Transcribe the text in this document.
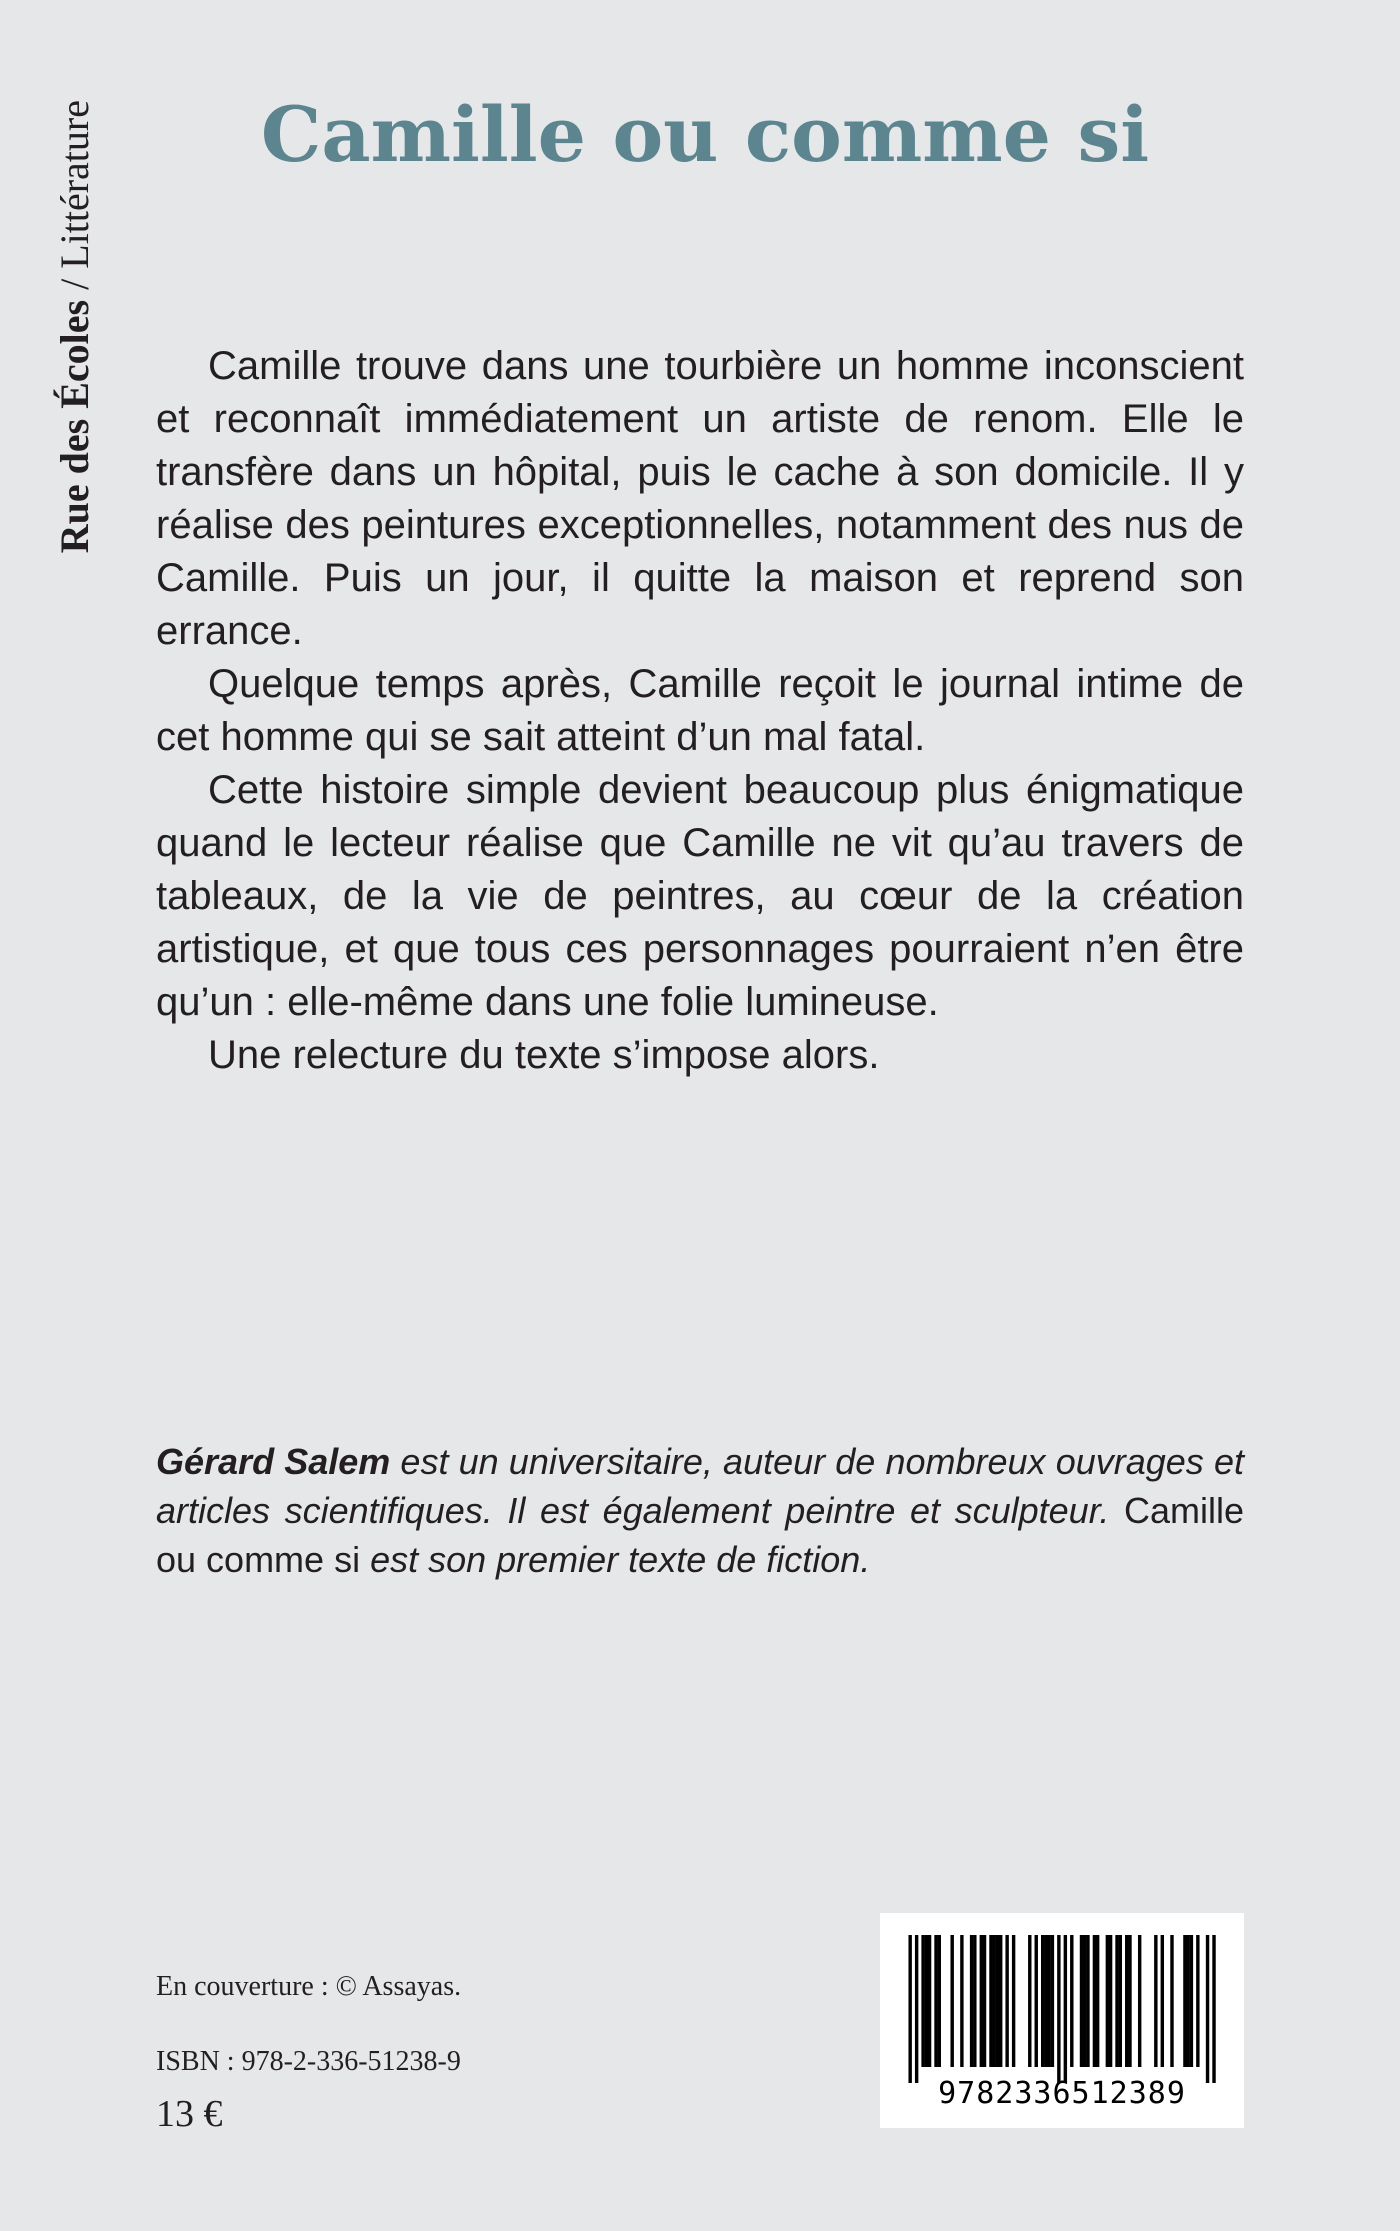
Rue des Écoles / Littérature	Camille ou comme si

Camille trouve dans une tourbière un homme inconscient et reconnaît immédiatement un artiste de renom. Elle le transfère dans un hôpital, puis le cache à son domicile. Il y réalise des peintures exceptionnelles, notamment des nus de Camille. Puis un jour, il quitte la maison et reprend son errance.

Quelque temps après, Camille reçoit le journal intime de cet homme qui se sait atteint d’un mal fatal.

Cette histoire simple devient beaucoup plus énigmatique quand le lecteur réalise que Camille ne vit qu’au travers de tableaux, de la vie de peintres, au cœur de la création artistique, et que tous ces personnages pourraient n’en être qu’un : elle-même dans une folie lumineuse.

Une relecture du texte s’impose alors.

Gérard Salem est un universitaire, auteur de nombreux ouvrages et articles scientifiques. Il est également peintre et sculpteur. Camille ou comme si est son premier texte de fiction.
En couverture : © Assayas.
ISBN : 978-2-336-51238-9
13 €	9782336512389
